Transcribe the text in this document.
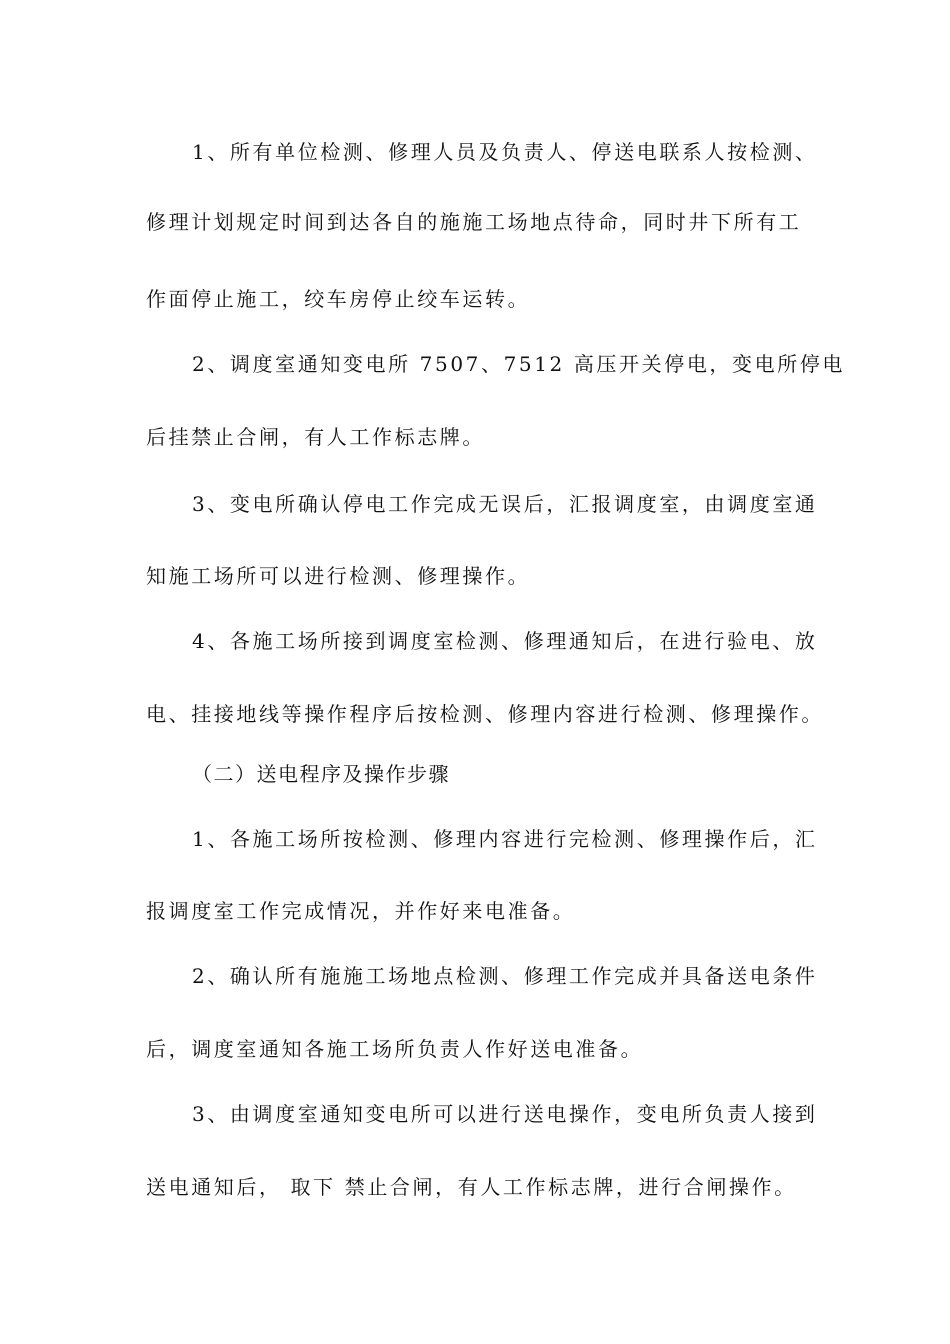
1、所有单位检测、修理人员及负责人、停送电联系人按检测、
修理计划规定时间到达各自的施施工场地点待命，同时井下所有工
作面停止施工，绞车房停止绞车运转。
2、调度室通知变电所 7507、7512 高压开关停电，变电所停电
后挂禁止合闸，有人工作标志牌。
3、变电所确认停电工作完成无误后，汇报调度室，由调度室通
知施工场所可以进行检测、修理操作。
4、各施工场所接到调度室检测、修理通知后，在进行验电、放
电、挂接地线等操作程序后按检测、修理内容进行检测、修理操作。
（二）送电程序及操作步骤
1、各施工场所按检测、修理内容进行完检测、修理操作后，汇
报调度室工作完成情况，并作好来电准备。
2、确认所有施施工场地点检测、修理工作完成并具备送电条件
后，调度室通知各施工场所负责人作好送电准备。
3、由调度室通知变电所可以进行送电操作，变电所负责人接到
送电通知后， 取下 禁止合闸，有人工作标志牌，进行合闸操作。
